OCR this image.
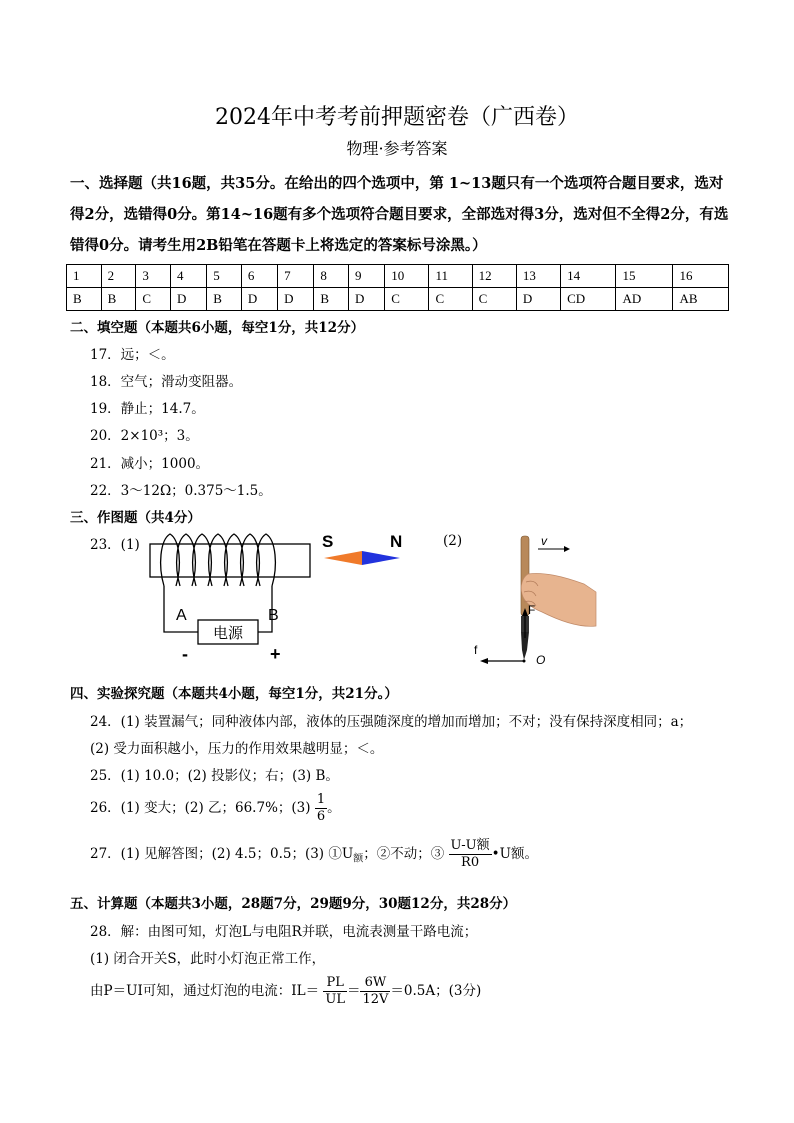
2024年中考考前押题密卷（广西卷）
物理·参考答案
一、选择题（共16题，共35分。在给出的四个选项中，第 1~13题只有一个选项符合题目要求，选对得2分，选错得0分。第14~16题有多个选项符合题目要求，全部选对得3分，选对但不全得2分，有选错得0分。请考生用2B铅笔在答题卡上将选定的答案标号涂黑。）
1	2	3	4	5	6	7	8	9	10	11	12	13	14	15	16
B	B	C	D	B	D	D	B	D	C	C	C	D	CD	AD	AB
二、填空题（本题共6小题，每空1分，共12分）
17．远；＜。
18．空气；滑动变阻器。
19．静止；14.7。
20．2×10³；3。
21．减小；1000。
22．3～12Ω；0.375～1.5。
三、作图题（共4分）
23．(1)	(2)
电源
A	B
-	+
S	N	v
F
f
O
四、实验探究题（本题共4小题，每空1分，共21分。）
24．(1) 装置漏气；同种液体内部，液体的压强随深度的增加而增加；不对；没有保持深度相同；a；
(2) 受力面积越小，压力的作用效果越明显；＜。
25．(1) 10.0；(2) 投影仪；右；(3) B。
26．(1) 变大；(2) 乙；66.7%；$(3) \frac{1}{6}$ 。
27．(1) 见解答图；(2) 4.5；0.5；(3) $①U_额$；②不动；③ $\frac{\text{U-U额}}{R0}$ •U额。
五、计算题（本题共3小题，28题7分，29题9分，30题12分，共28分）
28．解：由图可知，灯泡L与电阻R并联，电流表测量干路电流；
(1) 闭合开关S，此时小灯泡正常工作，
由P＝UI可知，通过灯泡的电流：$IL= \frac{PL}{UL} = \frac{6W}{12V} =0.5A$；(3分)
